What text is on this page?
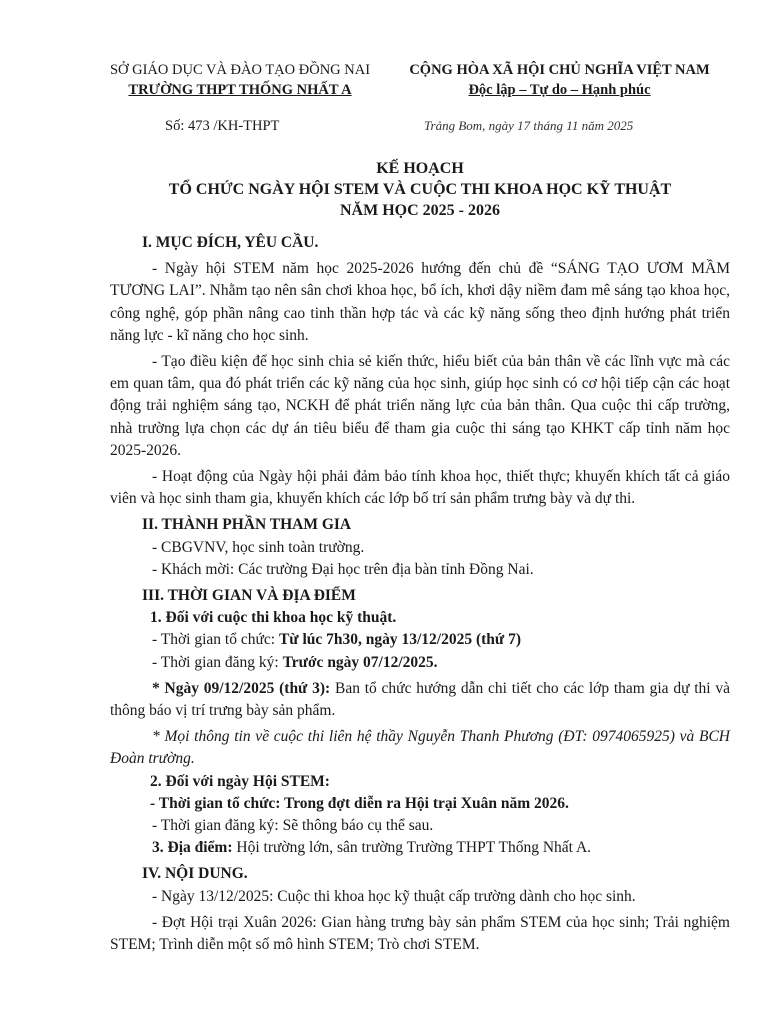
SỞ GIÁO DỤC VÀ ĐÀO TẠO ĐỒNG NAI
TRƯỜNG THPT THỐNG NHẤT A
CỘNG HÒA XÃ HỘI CHỦ NGHĨA VIỆT NAM
Độc lập – Tự do – Hạnh phúc
Số: 473 /KH-THPT	Trảng Bom, ngày 17 tháng 11 năm 2025
KẾ HOẠCH
TỔ CHỨC NGÀY HỘI STEM VÀ CUỘC THI KHOA HỌC KỸ THUẬT
NĂM HỌC 2025 - 2026

I. MỤC ĐÍCH, YÊU CẦU.

- Ngày hội STEM năm học 2025-2026 hướng đến chủ đề “SÁNG TẠO ƯƠM MẦM TƯƠNG LAI”. Nhằm tạo nên sân chơi khoa học, bổ ích, khơi dậy niềm đam mê sáng tạo khoa học, công nghệ, góp phần nâng cao tinh thần hợp tác và các kỹ năng sống theo định hướng phát triển năng lực - kĩ năng cho học sinh.

- Tạo điều kiện để học sinh chia sẻ kiến thức, hiểu biết của bản thân về các lĩnh vực mà các em quan tâm, qua đó phát triển các kỹ năng của học sinh, giúp học sinh có cơ hội tiếp cận các hoạt động trải nghiệm sáng tạo, NCKH để phát triển năng lực của bản thân. Qua cuộc thi cấp trường, nhà trường lựa chọn các dự án tiêu biểu để tham gia cuộc thi sáng tạo KHKT cấp tỉnh năm học 2025-2026.

- Hoạt động của Ngày hội phải đảm bảo tính khoa học, thiết thực; khuyến khích tất cả giáo viên và học sinh tham gia, khuyến khích các lớp bố trí sản phẩm trưng bày và dự thi.

II. THÀNH PHẦN THAM GIA

- CBGVNV, học sinh toàn trường.

- Khách mời: Các trường Đại học trên địa bàn tỉnh Đồng Nai.

III. THỜI GIAN VÀ ĐỊA ĐIỂM

1. Đối với cuộc thi khoa học kỹ thuật.

- Thời gian tổ chức: Từ lúc 7h30, ngày 13/12/2025 (thứ 7)

- Thời gian đăng ký: Trước ngày 07/12/2025.

* Ngày 09/12/2025 (thứ 3): Ban tổ chức hướng dẫn chi tiết cho các lớp tham gia dự thi và thông báo vị trí trưng bày sản phẩm.

* Mọi thông tin về cuộc thi liên hệ thầy Nguyễn Thanh Phương (ĐT: 0974065925) và BCH Đoàn trường.

2. Đối với ngày Hội STEM:

- Thời gian tổ chức: Trong đợt diễn ra Hội trại Xuân năm 2026.

- Thời gian đăng ký: Sẽ thông báo cụ thể sau.

3. Địa điểm: Hội trường lớn, sân trường Trường THPT Thống Nhất A.

IV. NỘI DUNG.

- Ngày 13/12/2025: Cuộc thi khoa học kỹ thuật cấp trường dành cho học sinh.

- Đợt Hội trại Xuân 2026: Gian hàng trưng bày sản phẩm STEM của học sinh; Trải nghiệm STEM; Trình diễn một số mô hình STEM; Trò chơi STEM.
